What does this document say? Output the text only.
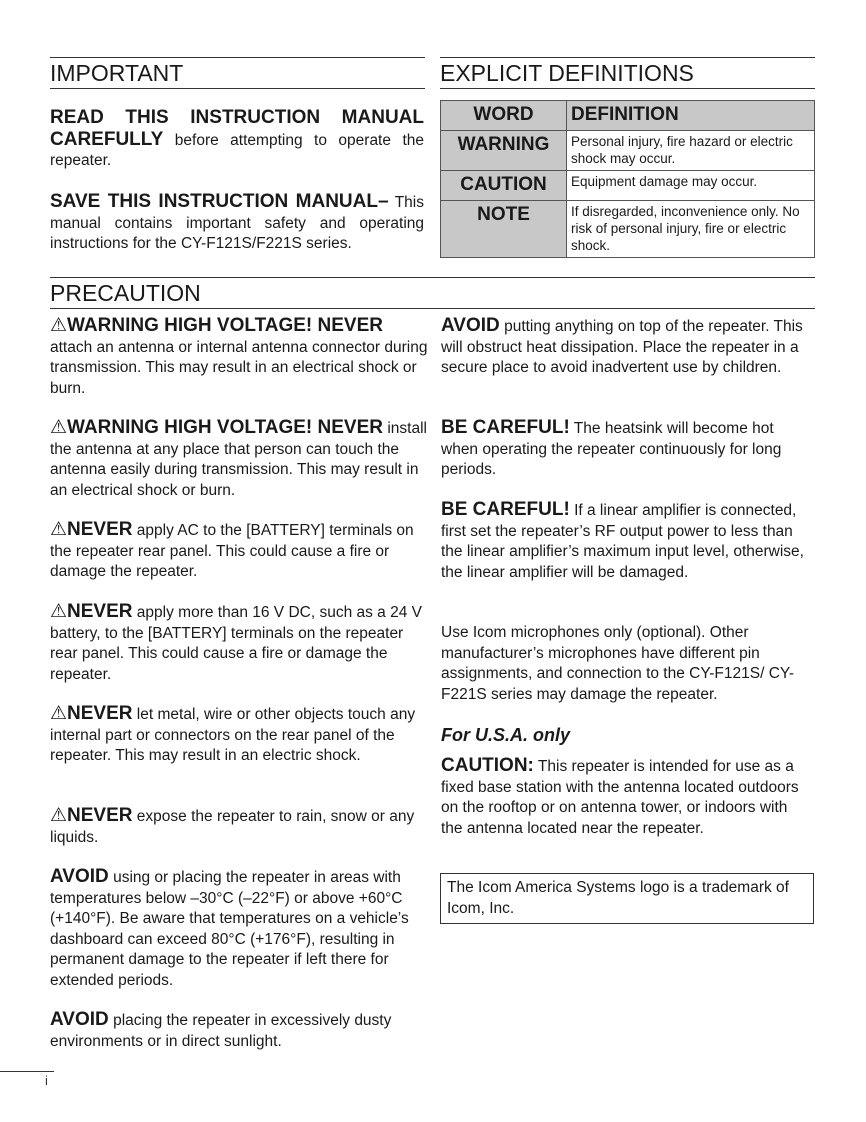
IMPORTANT

READ THIS INSTRUCTION MANUAL CAREFULLY before attempting to operate the repeater.

SAVE THIS INSTRUCTION MANUAL– This manual contains important safety and operating instructions for the CY-F121S/F221S series.

EXPLICIT DEFINITIONS
WORD	DEFINITION
WARNING	Personal injury, fire hazard or electric shock may occur.
CAUTION	Equipment damage may occur.
NOTE	If disregarded, inconvenience only. No risk of personal injury, fire or electric shock.
PRECAUTION

⚠WARNING HIGH VOLTAGE! NEVER attach an antenna or internal antenna connector during transmission. This may result in an electrical shock or burn.

⚠WARNING HIGH VOLTAGE! NEVER install the antenna at any place that person can touch the antenna easily during transmission. This may result in an electrical shock or burn.

⚠NEVER apply AC to the [BATTERY] terminals on the repeater rear panel. This could cause a fire or damage the repeater.

⚠NEVER apply more than 16 V DC, such as a 24 V battery, to the [BATTERY] terminals on the repeater rear panel. This could cause a fire or damage the repeater.

⚠NEVER let metal, wire or other objects touch any internal part or connectors on the rear panel of the repeater. This may result in an electric shock.

⚠NEVER expose the repeater to rain, snow or any liquids.

AVOID using or placing the repeater in areas with temperatures below –30°C (–22°F) or above +60°C (+140°F). Be aware that temperatures on a vehicle’s dashboard can exceed 80°C (+176°F), resulting in permanent damage to the repeater if left there for extended periods.

AVOID placing the repeater in excessively dusty environments or in direct sunlight.

AVOID putting anything on top of the repeater. This will obstruct heat dissipation. Place the repeater in a secure place to avoid inadvertent use by children.

BE CAREFUL! The heatsink will become hot when operating the repeater continuously for long periods.

BE CAREFUL! If a linear amplifier is connected, first set the repeater’s RF output power to less than the linear amplifier’s maximum input level, otherwise, the linear amplifier will be damaged.

Use Icom microphones only (optional). Other manufacturer’s microphones have different pin assignments, and connection to the CY-F121S/ CY-F221S series may damage the repeater.

For U.S.A. only

CAUTION: This repeater is intended for use as a fixed base station with the antenna located outdoors on the rooftop or on antenna tower, or indoors with the antenna located near the repeater.

The Icom America Systems logo is a trademark of Icom, Inc.
i
